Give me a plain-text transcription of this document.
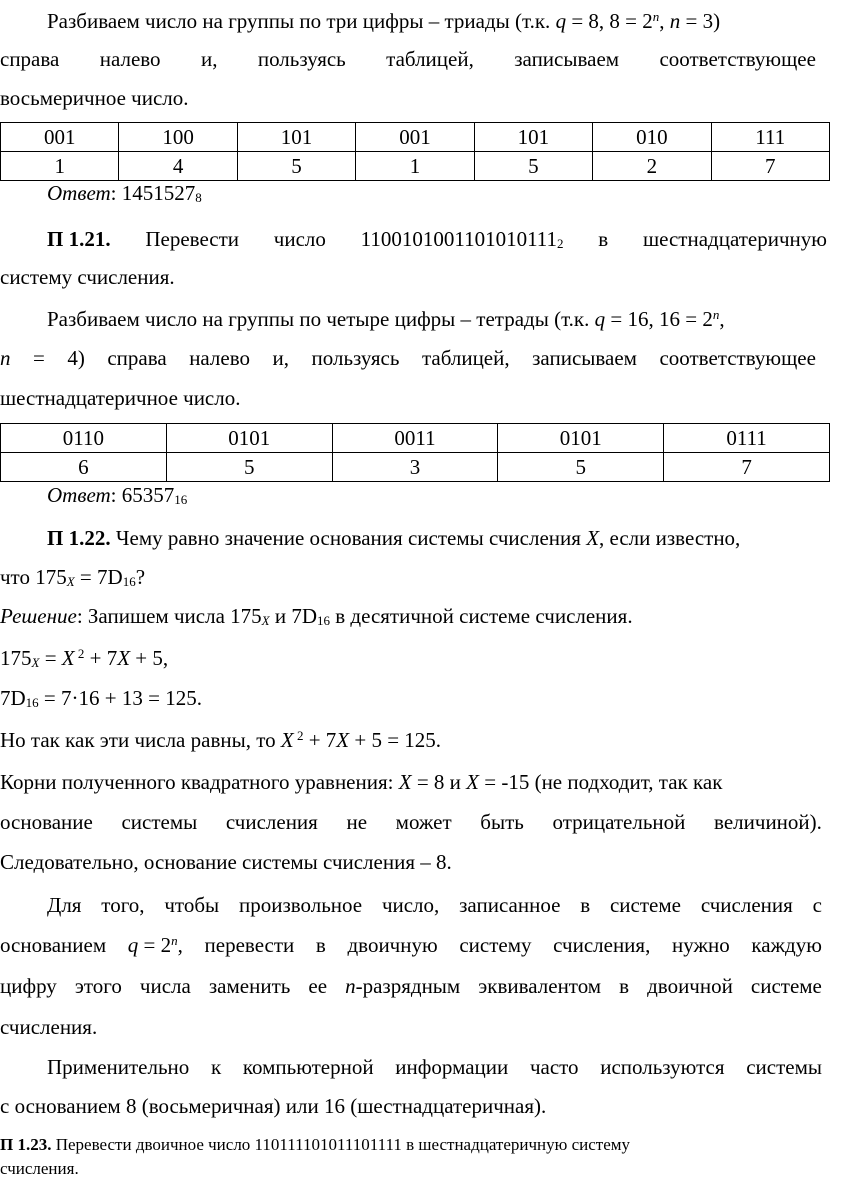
Разбиваем число на группы по три цифры – триады (т.к. q = 8, $8 = 2^n$, n = 3)
справа налево и, пользуясь таблицей, записываем соответствующее
восьмеричное число.
001	100	101	001	101	010	111
1	4	5	1	5	2	7
Ответ: $1451527_8$
П 1.21. Перевести число $1100101001101010111_2$ в шестнадцатеричную
систему счисления.
Разбиваем число на группы по четыре цифры – тетрады (т.к. q = 16, $16 = 2^n$,
n = 4) справа налево и, пользуясь таблицей, записываем соответствующее
шестнадцатеричное число.
0110	0101	0011	0101	0111
6	5	3	5	7
Ответ: $65357_{16}$
П 1.22. Чему равно значение основания системы счисления X, если известно,
что $175_X = 7D_{16}$?
Решение: Запишем числа $175_X$ и $7D_{16}$ в десятичной системе счисления.
$175_X = X$ $^2$ + 7X + 5,
$7D_{16} = 7\cdot 16 + 13 = 125$.
Но так как эти числа равны, то X $^2$ + 7X + 5 = 125.
Корни полученного квадратного уравнения: X = 8 и X = -15 (не подходит, так как
основание системы счисления не может быть отрицательной величиной).
Следовательно, основание системы счисления – 8.
Для того, чтобы произвольное число, записанное в системе счисления с
основанием $q = 2^n$, перевести в двоичную систему счисления, нужно каждую
цифру этого числа заменить ее n-разрядным эквивалентом в двоичной системе
счисления.
Применительно к компьютерной информации часто используются системы
с основанием 8 (восьмеричная) или 16 (шестнадцатеричная).
П 1.23. Перевести двоичное число 110111101011101111 в шестнадцатеричную систему
счисления.
